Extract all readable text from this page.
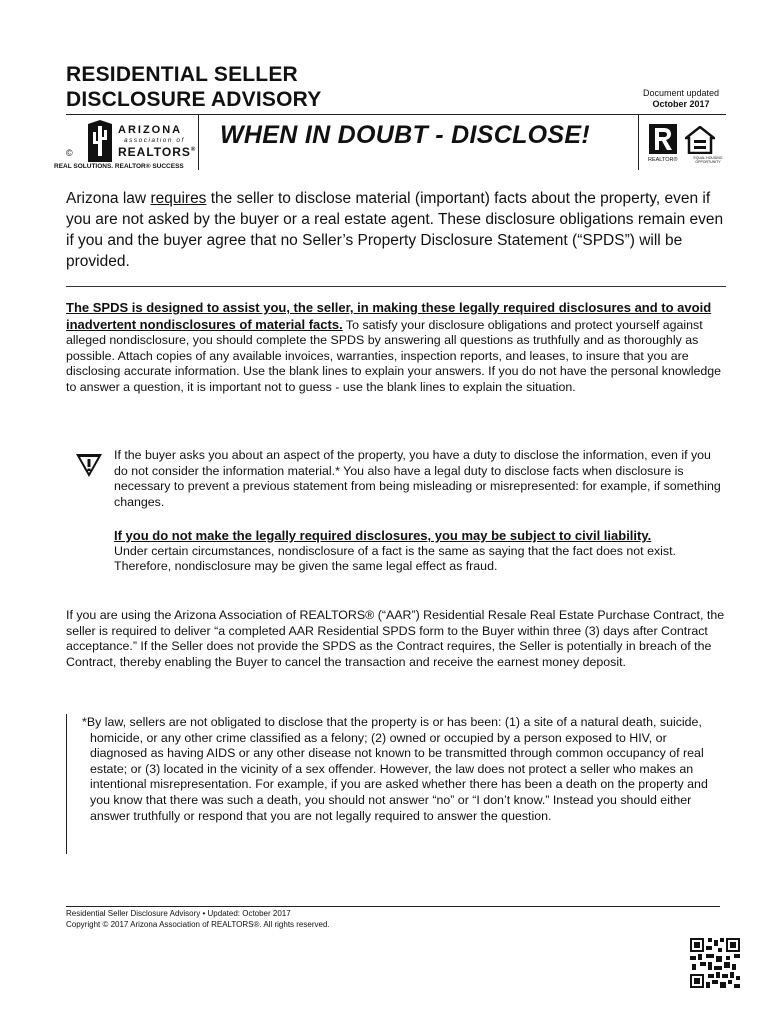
RESIDENTIAL SELLER
DISCLOSURE ADVISORY	Document updated
October 2017
©
ARIZONA
association of
REALTORS®
REAL SOLUTIONS. REALTOR® SUCCESS
WHEN IN DOUBT - DISCLOSE!
REALTOR®	EQUAL HOUSING OPPORTUNITY
Arizona law requires the seller to disclose material (important) facts about the property, even if you are not asked by the buyer or a real estate agent. These disclosure obligations remain even if you and the buyer agree that no Seller’s Property Disclosure Statement (“SPDS”) will be provided.
The SPDS is designed to assist you, the seller, in making these legally required disclosures and to avoid inadvertent nondisclosures of material facts. To satisfy your disclosure obligations and protect yourself against alleged nondisclosure, you should complete the SPDS by answering all questions as truthfully and as thoroughly as possible. Attach copies of any available invoices, warranties, inspection reports, and leases, to insure that you are disclosing accurate information. Use the blank lines to explain your answers. If you do not have the personal knowledge to answer a question, it is important not to guess - use the blank lines to explain the situation.
If the buyer asks you about an aspect of the property, you have a duty to disclose the information, even if you do not consider the information material.* You also have a legal duty to disclose facts when disclosure is necessary to prevent a previous statement from being misleading or misrepresented: for example, if something changes.
If you do not make the legally required disclosures, you may be subject to civil liability.
Under certain circumstances, nondisclosure of a fact is the same as saying that the fact does not exist. Therefore, nondisclosure may be given the same legal effect as fraud.
If you are using the Arizona Association of REALTORS® (“AAR”) Residential Resale Real Estate Purchase Contract, the seller is required to deliver “a completed AAR Residential SPDS form to the Buyer within three (3) days after Contract acceptance.” If the Seller does not provide the SPDS as the Contract requires, the Seller is potentially in breach of the Contract, thereby enabling the Buyer to cancel the transaction and receive the earnest money deposit.
*By law, sellers are not obligated to disclose that the property is or has been: (1) a site of a natural death, suicide, homicide, or any other crime classified as a felony; (2) owned or occupied by a person exposed to HIV, or diagnosed as having AIDS or any other disease not known to be transmitted through common occupancy of real estate; or (3) located in the vicinity of a sex offender. However, the law does not protect a seller who makes an intentional misrepresentation. For example, if you are asked whether there has been a death on the property and you know that there was such a death, you should not answer “no” or “I don’t know.” Instead you should either answer truthfully or respond that you are not legally required to answer the question.
Residential Seller Disclosure Advisory • Updated: October 2017
Copyright © 2017 Arizona Association of REALTORS®. All rights reserved.
